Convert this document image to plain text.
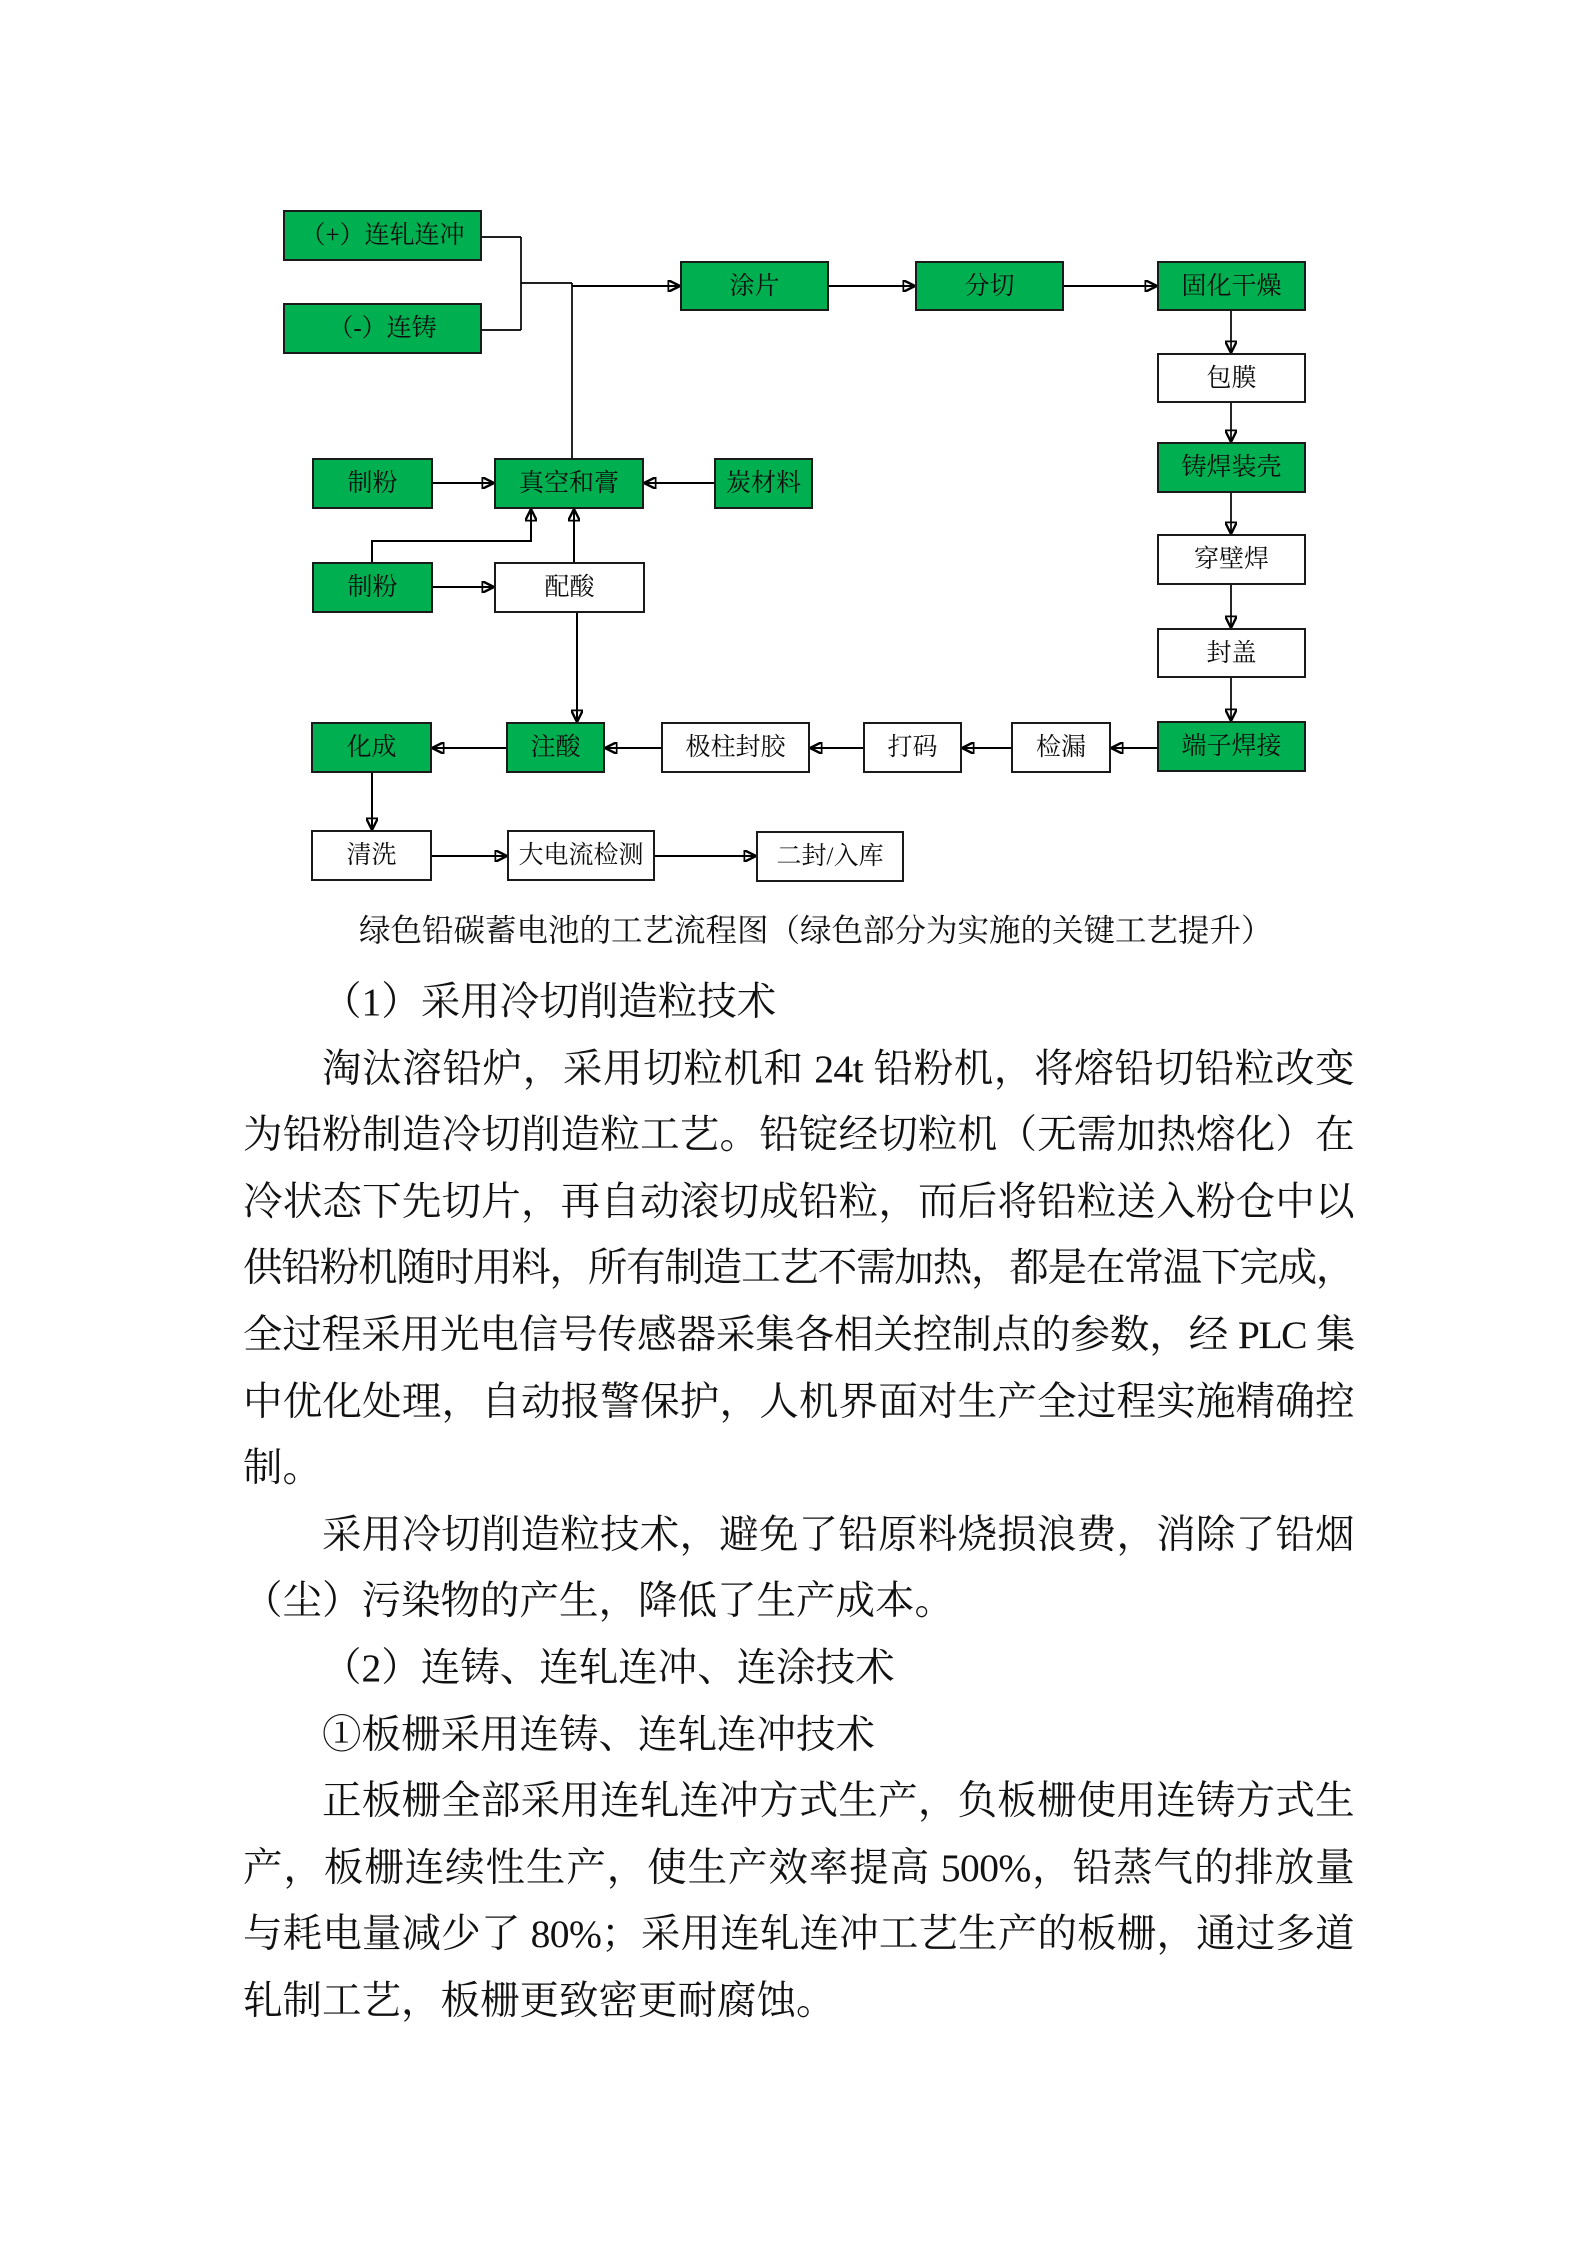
（+）连轧连冲
（-）连铸
涂片	分切	固化干燥
包膜
铸焊装壳
穿壁焊
封盖
端子焊接
检漏
打码
极柱封胶
注酸
化成
制粉	真空和膏	炭材料
制粉	配酸
清洗	大电流检测	二封/入库
绿色铅碳蓄电池的工艺流程图（绿色部分为实施的关键工艺提升）
（1）采用冷切削造粒技术
淘汰溶铅炉，采用切粒机和 24t 铅粉机，将熔铅切铅粒改变
为铅粉制造冷切削造粒工艺。铅锭经切粒机（无需加热熔化）在
冷状态下先切片，再自动滚切成铅粒，而后将铅粒送入粉仓中以
供铅粉机随时用料，所有制造工艺不需加热，都是在常温下完成，
全过程采用光电信号传感器采集各相关控制点的参数，经 PLC 集
中优化处理，自动报警保护，人机界面对生产全过程实施精确控
制。
采用冷切削造粒技术，避免了铅原料烧损浪费，消除了铅烟
（尘）污染物的产生，降低了生产成本。
（2）连铸、连轧连冲、连涂技术
①板栅采用连铸、连轧连冲技术
正板栅全部采用连轧连冲方式生产，负板栅使用连铸方式生
产，板栅连续性生产，使生产效率提高 500%，铅蒸气的排放量
与耗电量减少了 80%；采用连轧连冲工艺生产的板栅，通过多道
轧制工艺，板栅更致密更耐腐蚀。
